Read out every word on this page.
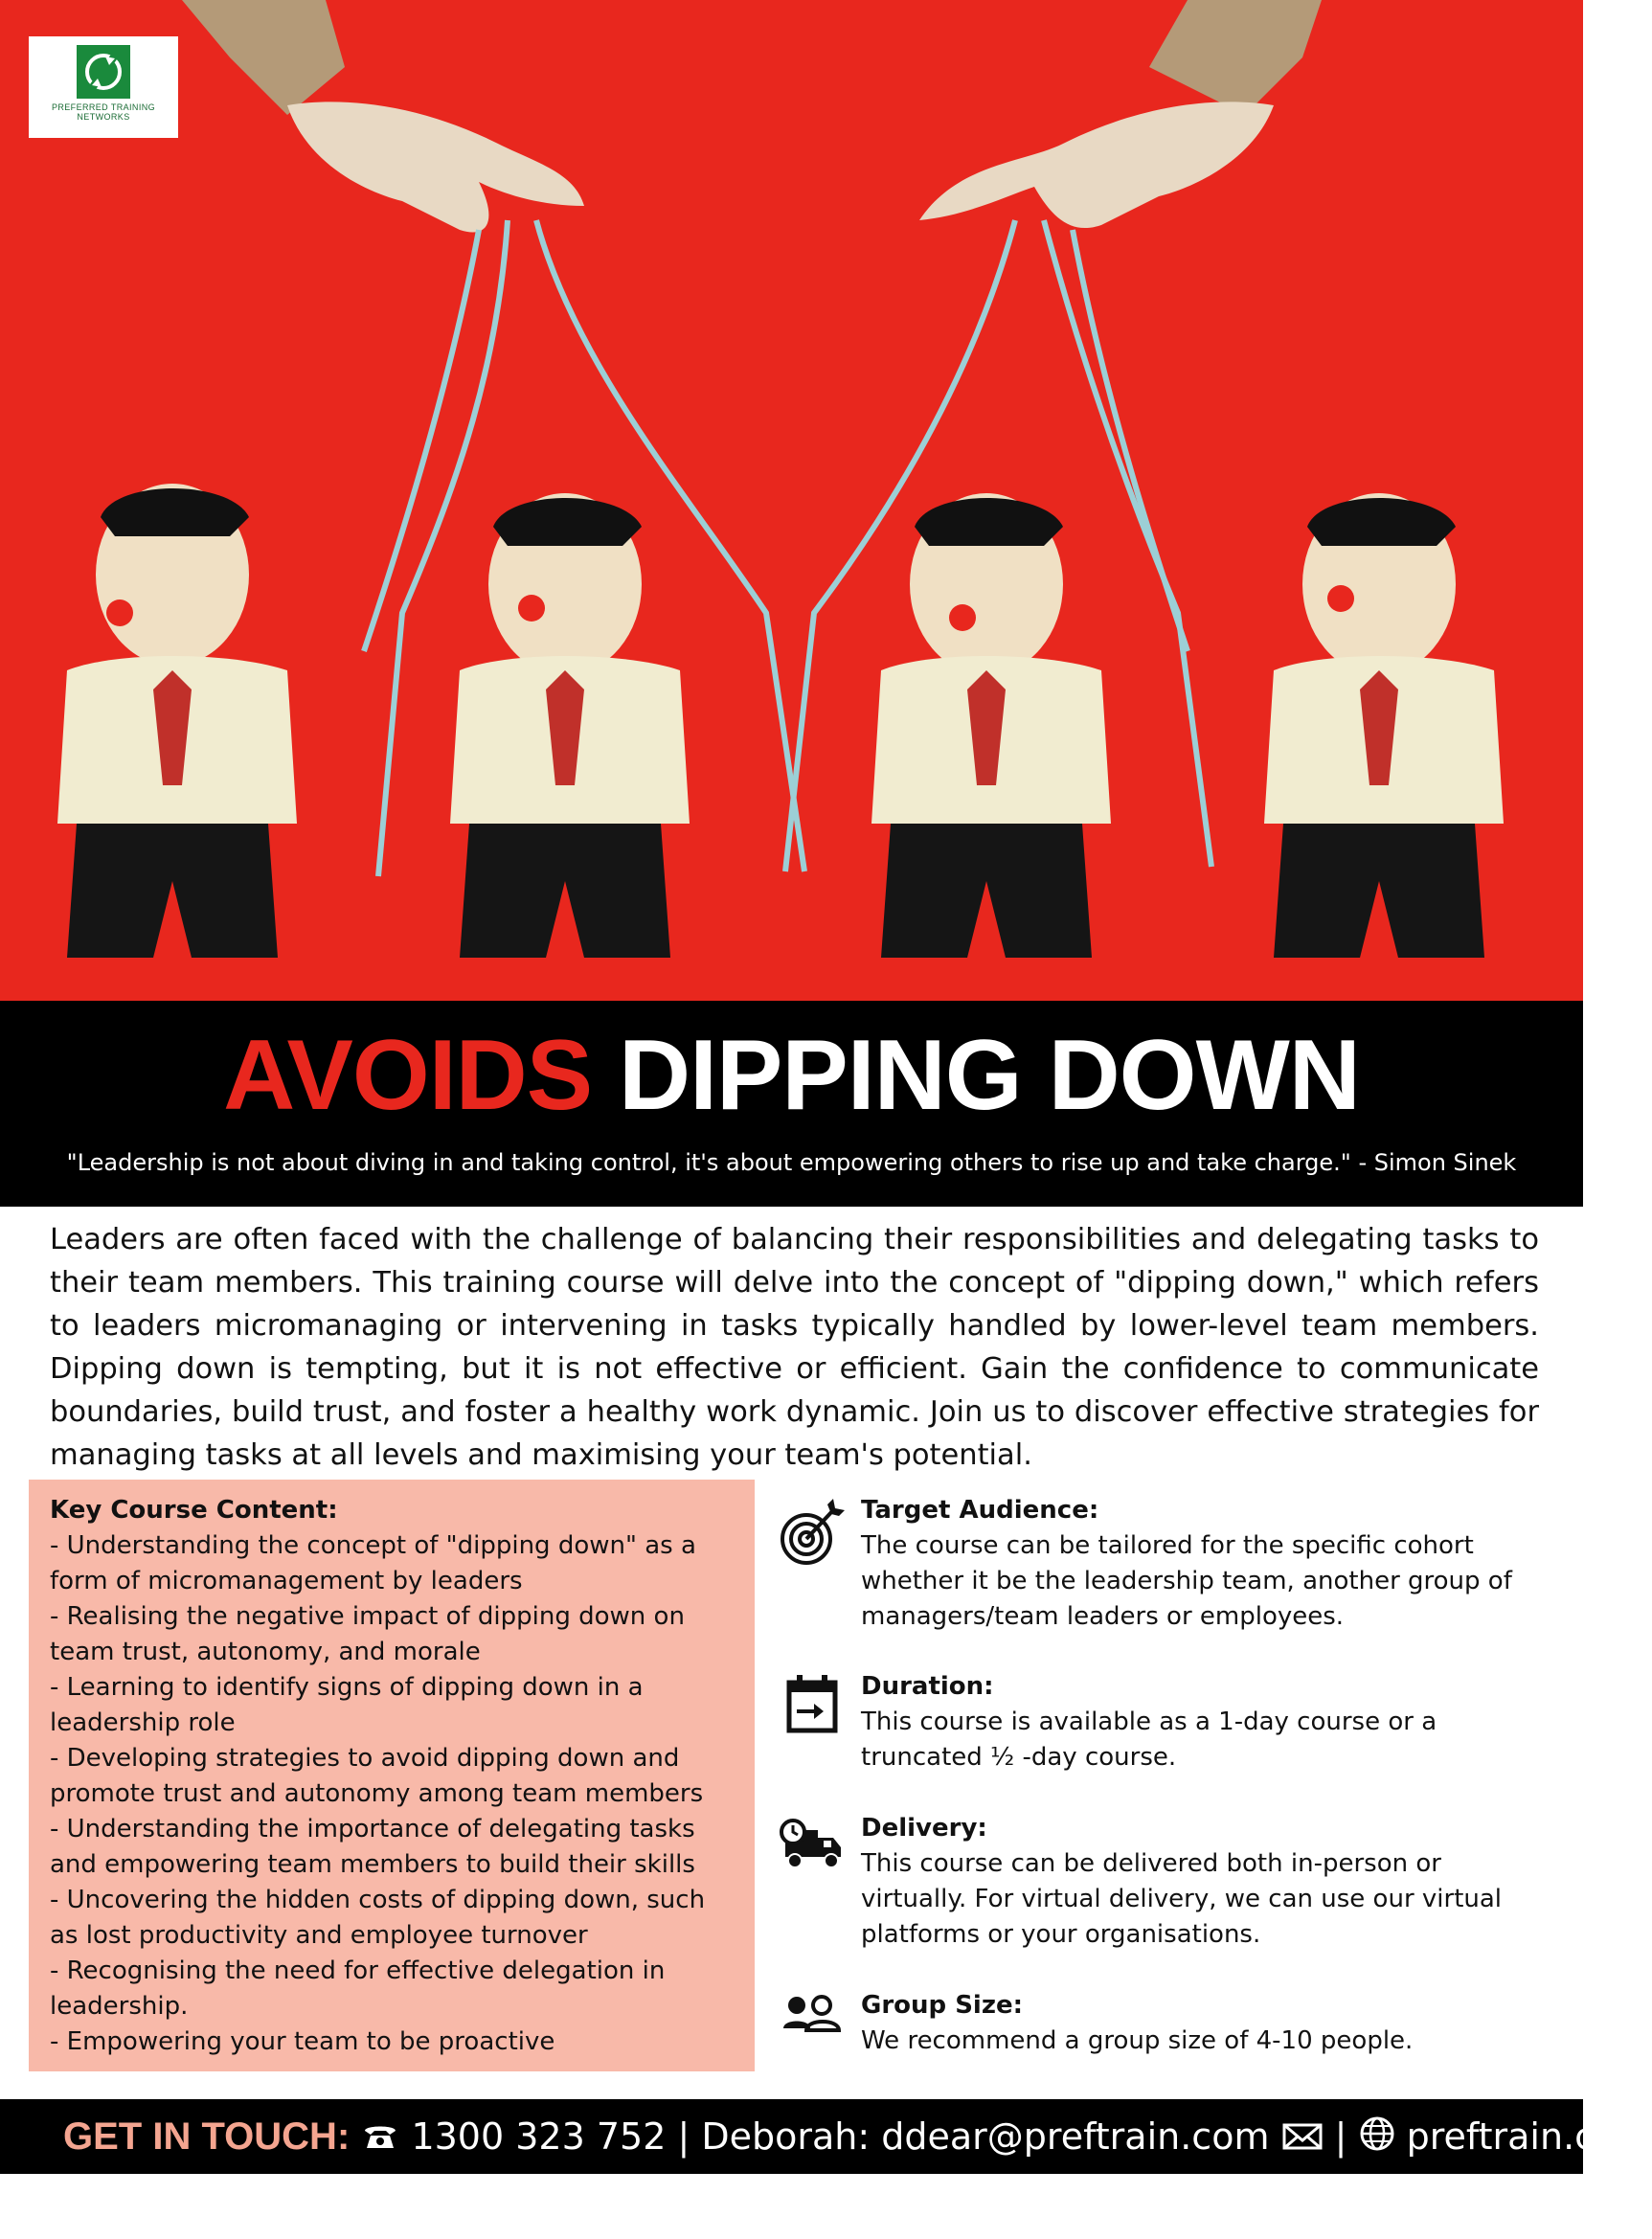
PREFERRED TRAINING NETWORKS
AVOIDS DIPPING DOWN

"Leadership is not about diving in and taking control, it's about empowering others to rise up and take charge." - Simon Sinek

Leaders are often faced with the challenge of balancing their responsibilities and delegating tasks to their team members. This training course will delve into the concept of "dipping down," which refers to leaders micromanaging or intervening in tasks typically handled by lower-level team members. Dipping down is tempting, but it is not effective or efficient. Gain the confidence to communicate boundaries, build trust, and foster a healthy work dynamic. Join us to discover effective strategies for managing tasks at all levels and maximising your team's potential.

Key Course Content:
- Understanding the concept of "dipping down" as a form of micromanagement by leaders
- Realising the negative impact of dipping down on team trust, autonomy, and morale
- Learning to identify signs of dipping down in a leadership role
- Developing strategies to avoid dipping down and promote trust and autonomy among team members
- Understanding the importance of delegating tasks and empowering team members to build their skills
- Uncovering the hidden costs of dipping down, such as lost productivity and employee turnover
- Recognising the need for effective delegation in leadership.
- Empowering your team to be proactive
Target Audience:

The course can be tailored for the specific cohort whether it be the leadership team, another group of managers/team leaders or employees.

Duration:

This course is available as a 1-day course or a truncated ½ -day course.

Delivery:

This course can be delivered both in-person or virtually. For virtual delivery, we can use our virtual platforms or your organisations.

Group Size:

We recommend a group size of 4-10 people.

GET IN TOUCH: 1300 323 752 | Deborah: ddear@preftrain.com  |  preftrain.com
